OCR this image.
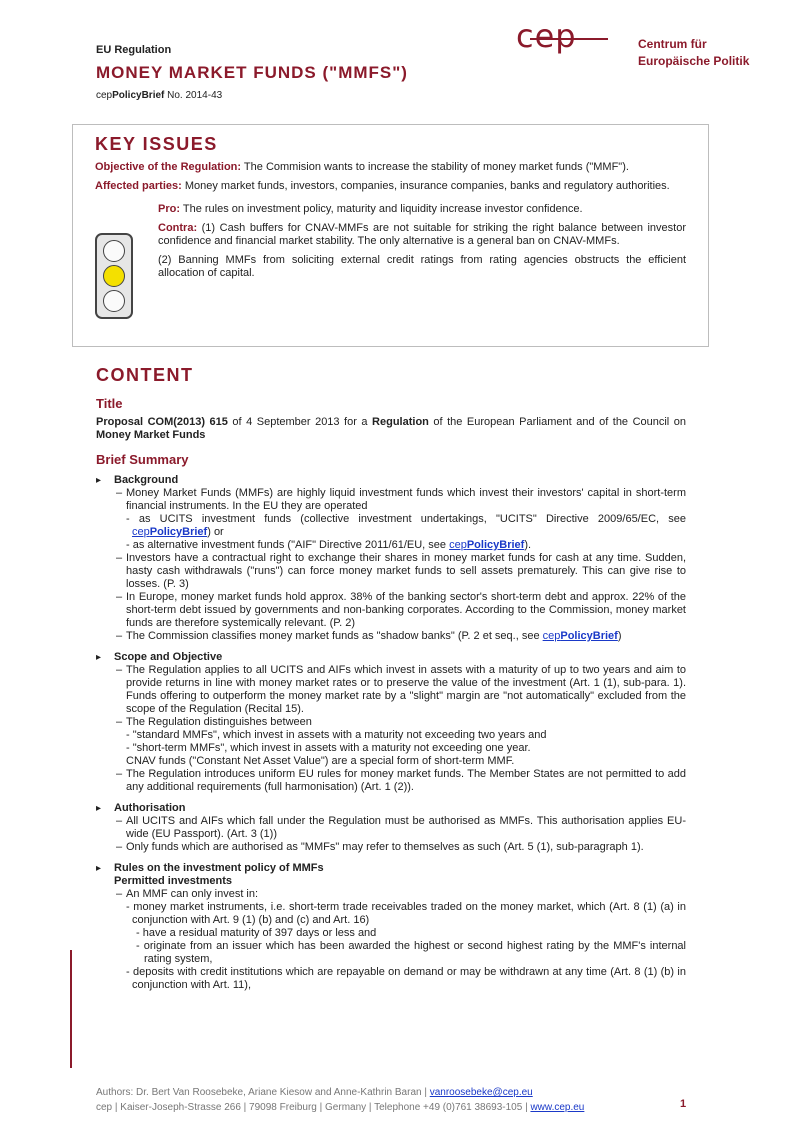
EU Regulation
MONEY MARKET FUNDS ("MMFS")
cepPolicyBrief No. 2014-43
cep	Centrum für
Europäische Politik
KEY ISSUES

Objective of the Regulation: The Commision wants to increase the stability of money market funds ("MMF").

Affected parties: Money market funds, investors, companies, insurance companies, banks and regulatory authorities.

Pro: The rules on investment policy, maturity and liquidity increase investor confidence.

Contra: (1) Cash buffers for CNAV-MMFs are not suitable for striking the right balance between investor confidence and financial market stability. The only alternative is a general ban on CNAV-MMFs.

(2) Banning MMFs from soliciting external credit ratings from rating agencies obstructs the efficient allocation of capital.

CONTENT
Title

Proposal COM(2013) 615 of 4 September 2013 for a Regulation of the European Parliament and of the Council on Money Market Funds

Brief Summary
▸ Background
– Money Market Funds (MMFs) are highly liquid investment funds which invest their investors' capital in short-term financial instruments. In the EU they are operated
- as UCITS investment funds (collective investment undertakings, "UCITS" Directive 2009/65/EC, see cepPolicyBrief) or
- as alternative investment funds ("AIF" Directive 2011/61/EU, see cepPolicyBrief).
– Investors have a contractual right to exchange their shares in money market funds for cash at any time. Sudden, hasty cash withdrawals ("runs") can force money market funds to sell assets prematurely. This can give rise to losses. (P. 3)
– In Europe, money market funds hold approx. 38% of the banking sector's short-term debt and approx. 22% of the short-term debt issued by governments and non-banking corporates. According to the Commission, money market funds are therefore systemically relevant. (P. 2)
– The Commission classifies money market funds as "shadow banks" (P. 2 et seq., see cepPolicyBrief)
▸ Scope and Objective
– The Regulation applies to all UCITS and AIFs which invest in assets with a maturity of up to two years and aim to provide returns in line with money market rates or to preserve the value of the investment (Art. 1 (1), sub-para. 1). Funds offering to outperform the money market rate by a "slight" margin are "not automatically" excluded from the scope of the Regulation (Recital 15).
– The Regulation distinguishes between
- "standard MMFs", which invest in assets with a maturity not exceeding two years and
- "short-term MMFs", which invest in assets with a maturity not exceeding one year.
CNAV funds ("Constant Net Asset Value") are a special form of short-term MMF.
– The Regulation introduces uniform EU rules for money market funds. The Member States are not permitted to add any additional requirements (full harmonisation) (Art. 1 (2)).
▸ Authorisation
– All UCITS and AIFs which fall under the Regulation must be authorised as MMFs. This authorisation applies EU-wide (EU Passport). (Art. 3 (1))
– Only funds which are authorised as "MMFs" may refer to themselves as such (Art. 5 (1), sub-paragraph 1).
▸ Rules on the investment policy of MMFs
Permitted investments
– An MMF can only invest in:
- money market instruments, i.e. short-term trade receivables traded on the money market, which (Art. 8 (1) (a) in conjunction with Art. 9 (1) (b) and (c) and Art. 16)
- have a residual maturity of 397 days or less and
- originate from an issuer which has been awarded the highest or second highest rating by the MMF's internal rating system,
- deposits with credit institutions which are repayable on demand or may be withdrawn at any time (Art. 8 (1) (b) in conjunction with Art. 11),
Authors: Dr. Bert Van Roosebeke, Ariane Kiesow and Anne-Kathrin Baran | vanroosebeke@cep.eu
cep | Kaiser-Joseph-Strasse 266 | 79098 Freiburg | Germany | Telephone +49 (0)761 38693-105 | www.cep.eu	1
